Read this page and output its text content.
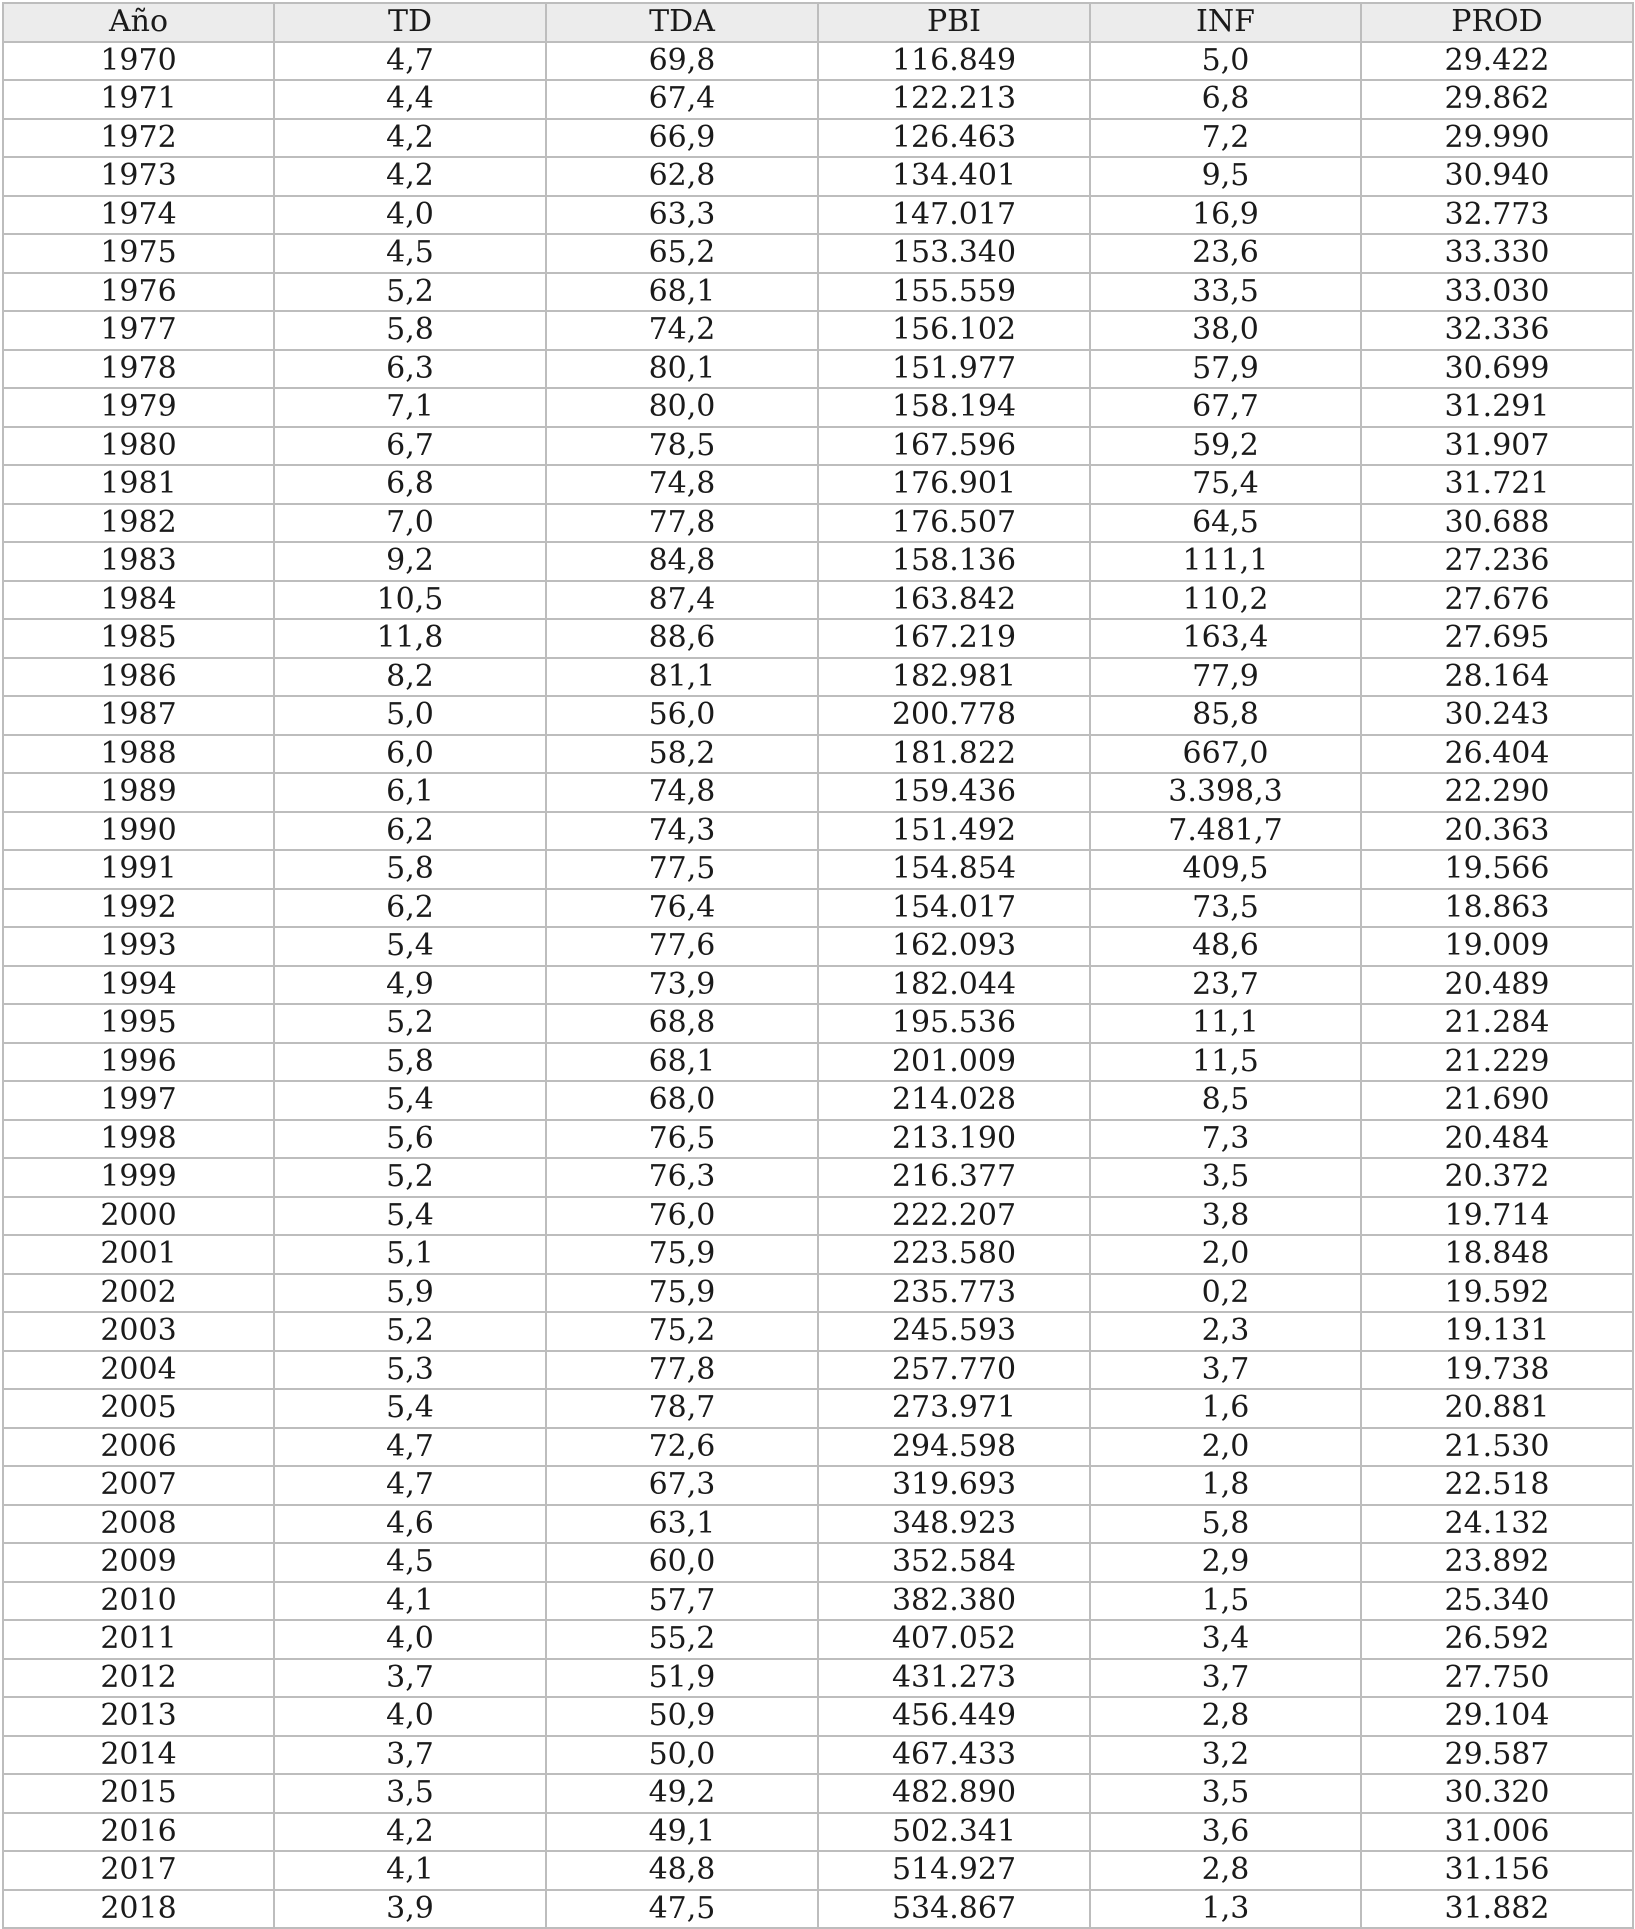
Año	TD	TDA	PBI	INF	PROD
1970	4,7	69,8	116.849	5,0	29.422
1971	4,4	67,4	122.213	6,8	29.862
1972	4,2	66,9	126.463	7,2	29.990
1973	4,2	62,8	134.401	9,5	30.940
1974	4,0	63,3	147.017	16,9	32.773
1975	4,5	65,2	153.340	23,6	33.330
1976	5,2	68,1	155.559	33,5	33.030
1977	5,8	74,2	156.102	38,0	32.336
1978	6,3	80,1	151.977	57,9	30.699
1979	7,1	80,0	158.194	67,7	31.291
1980	6,7	78,5	167.596	59,2	31.907
1981	6,8	74,8	176.901	75,4	31.721
1982	7,0	77,8	176.507	64,5	30.688
1983	9,2	84,8	158.136	111,1	27.236
1984	10,5	87,4	163.842	110,2	27.676
1985	11,8	88,6	167.219	163,4	27.695
1986	8,2	81,1	182.981	77,9	28.164
1987	5,0	56,0	200.778	85,8	30.243
1988	6,0	58,2	181.822	667,0	26.404
1989	6,1	74,8	159.436	3.398,3	22.290
1990	6,2	74,3	151.492	7.481,7	20.363
1991	5,8	77,5	154.854	409,5	19.566
1992	6,2	76,4	154.017	73,5	18.863
1993	5,4	77,6	162.093	48,6	19.009
1994	4,9	73,9	182.044	23,7	20.489
1995	5,2	68,8	195.536	11,1	21.284
1996	5,8	68,1	201.009	11,5	21.229
1997	5,4	68,0	214.028	8,5	21.690
1998	5,6	76,5	213.190	7,3	20.484
1999	5,2	76,3	216.377	3,5	20.372
2000	5,4	76,0	222.207	3,8	19.714
2001	5,1	75,9	223.580	2,0	18.848
2002	5,9	75,9	235.773	0,2	19.592
2003	5,2	75,2	245.593	2,3	19.131
2004	5,3	77,8	257.770	3,7	19.738
2005	5,4	78,7	273.971	1,6	20.881
2006	4,7	72,6	294.598	2,0	21.530
2007	4,7	67,3	319.693	1,8	22.518
2008	4,6	63,1	348.923	5,8	24.132
2009	4,5	60,0	352.584	2,9	23.892
2010	4,1	57,7	382.380	1,5	25.340
2011	4,0	55,2	407.052	3,4	26.592
2012	3,7	51,9	431.273	3,7	27.750
2013	4,0	50,9	456.449	2,8	29.104
2014	3,7	50,0	467.433	3,2	29.587
2015	3,5	49,2	482.890	3,5	30.320
2016	4,2	49,1	502.341	3,6	31.006
2017	4,1	48,8	514.927	2,8	31.156
2018	3,9	47,5	534.867	1,3	31.882
